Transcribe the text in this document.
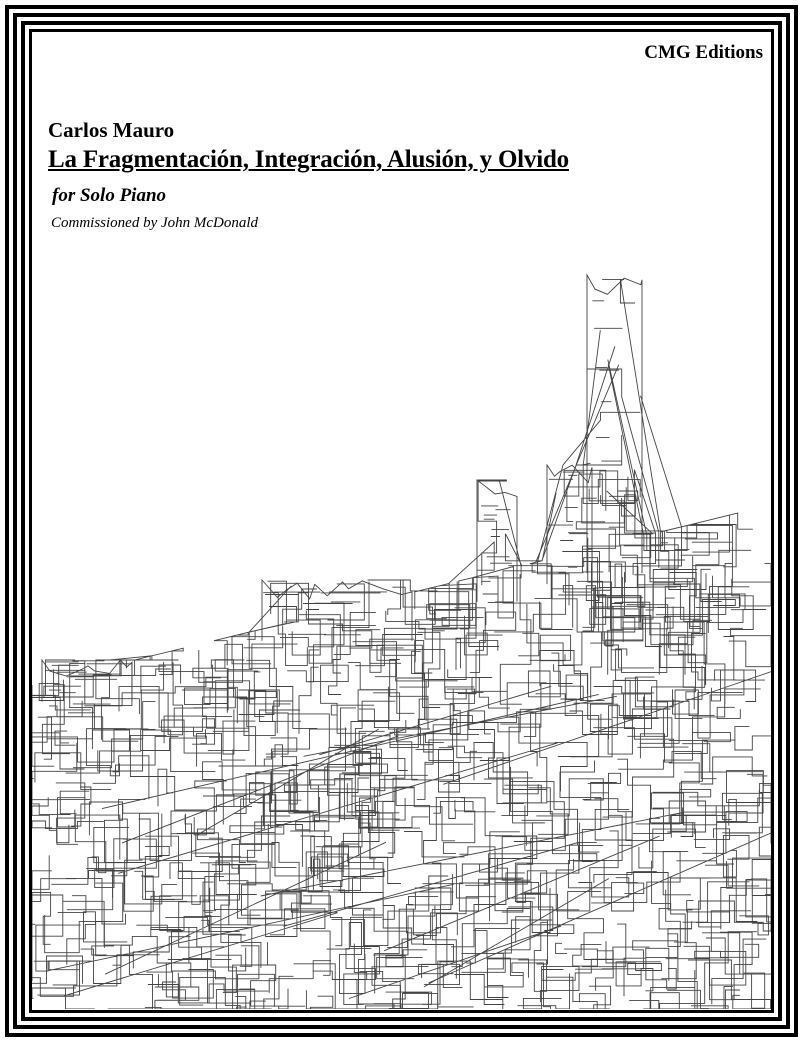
CMG Editions
Carlos Mauro
La Fragmentación, Integración, Alusión, y Olvido
for Solo Piano
Commissioned by John McDonald
